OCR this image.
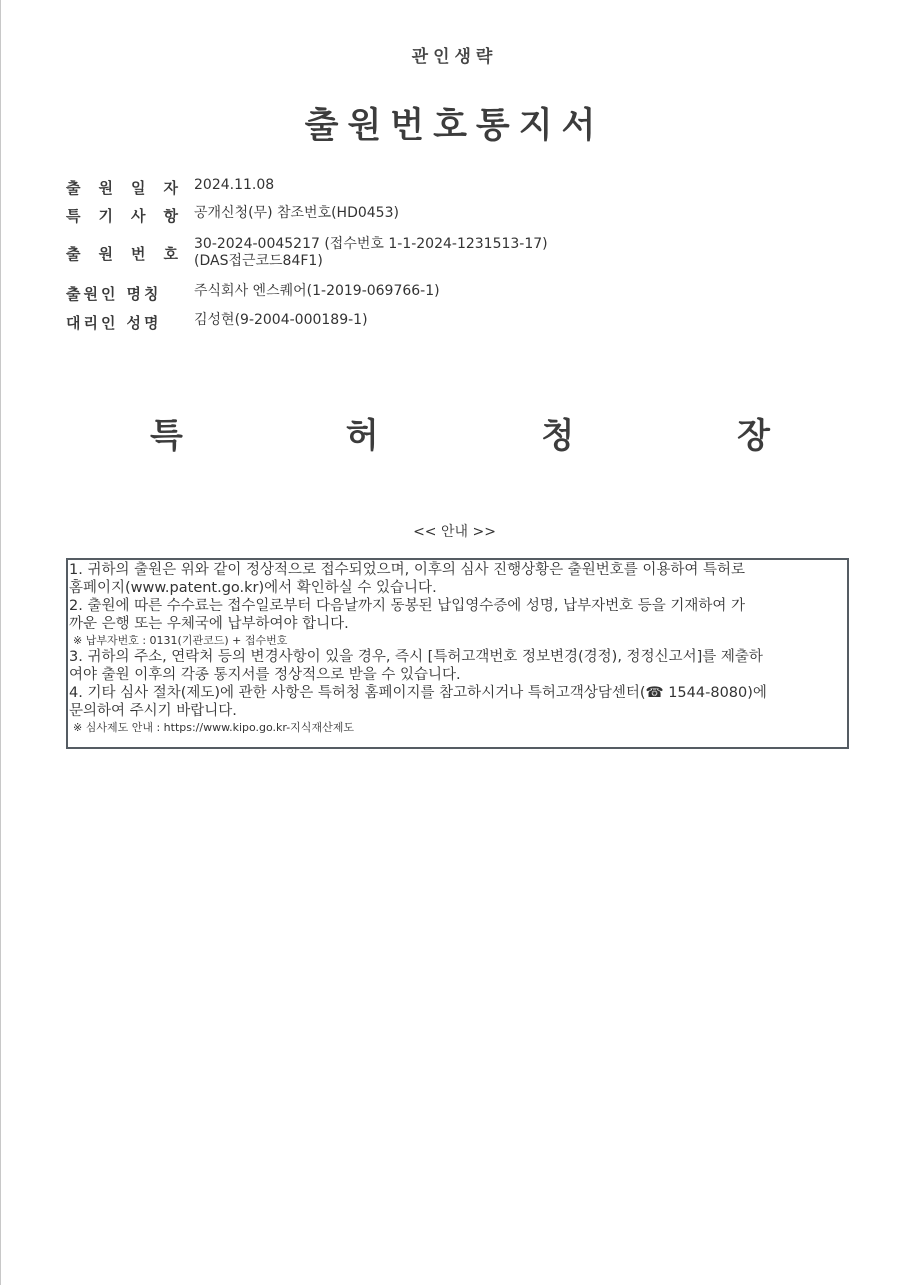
관인생략
출원번호통지서
출 원 일 자 2024.11.08
특 기 사 항 공개신청(무) 참조번호(HD0453)
출 원 번 호
30-2024-0045217 (접수번호 1-1-2024-1231513-17)
(DAS접근코드84F1)
출원인 명칭 주식회사 엔스퀘어(1-2019-069766-1)
대리인 성명 김성현(9-2004-000189-1)
특	허	청	장
<< 안내 >>
1. 귀하의 출원은 위와 같이 정상적으로 접수되었으며, 이후의 심사 진행상황은 출원번호를 이용하여 특허로
홈페이지(www.patent.go.kr)에서 확인하실 수 있습니다.
2. 출원에 따른 수수료는 접수일로부터 다음날까지 동봉된 납입영수증에 성명, 납부자번호 등을 기재하여 가
까운 은행 또는 우체국에 납부하여야 합니다.
※ 납부자번호 : 0131(기관코드) + 접수번호
3. 귀하의 주소, 연락처 등의 변경사항이 있을 경우, 즉시 [특허고객번호 정보변경(경정), 정정신고서]를 제출하
여야 출원 이후의 각종 통지서를 정상적으로 받을 수 있습니다.
4. 기타 심사 절차(제도)에 관한 사항은 특허청 홈페이지를 참고하시거나 특허고객상담센터(☎ 1544-8080)에
문의하여 주시기 바랍니다.
※ 심사제도 안내 : https://www.kipo.go.kr-지식재산제도
